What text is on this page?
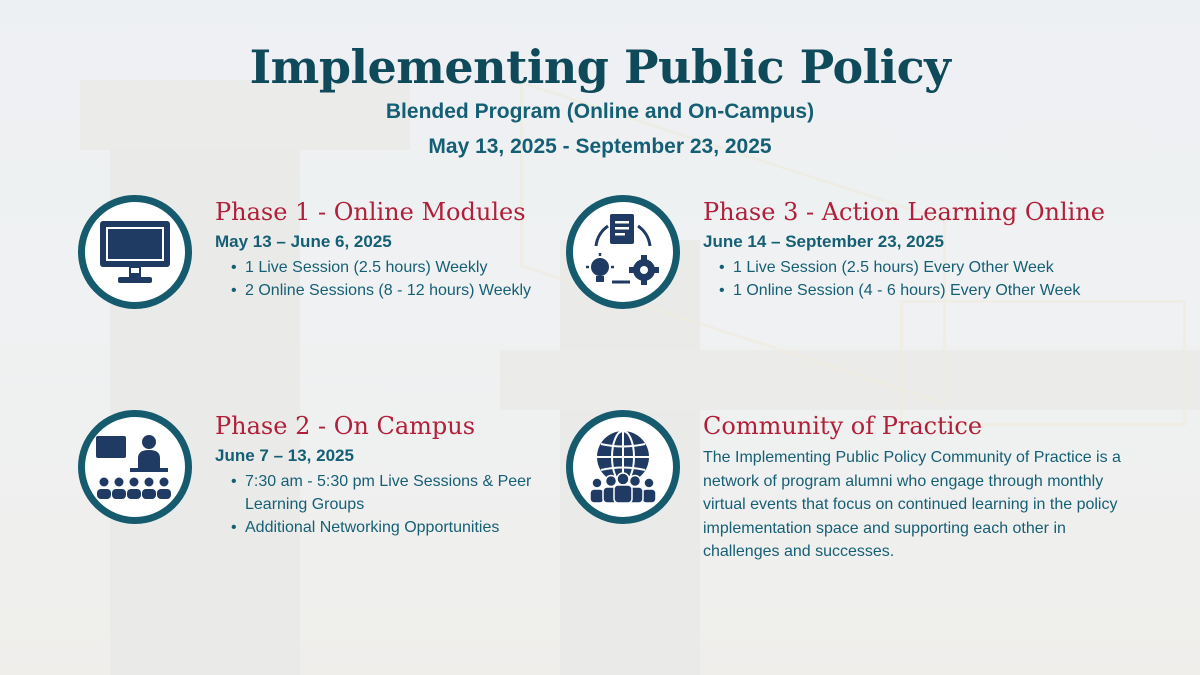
Implementing Public Policy
Blended Program (Online and On-Campus)
May 13, 2025 - September 23, 2025
Phase 1 - Online Modules
May 13 – June 6, 2025
• 1 Live Session (2.5 hours) Weekly
• 2 Online Sessions (8 - 12 hours) Weekly
Phase 3 - Action Learning Online
June 14 – September 23, 2025
• 1 Live Session (2.5 hours) Every Other Week
• 1 Online Session (4 - 6 hours) Every Other Week
Phase 2 - On Campus
June 7 – 13, 2025
• 7:30 am - 5:30 pm Live Sessions & Peer Learning Groups
• Additional Networking Opportunities
Community of Practice
The Implementing Public Policy Community of Practice is a network of program alumni who engage through monthly virtual events that focus on continued learning in the policy implementation space and supporting each other in challenges and successes.
